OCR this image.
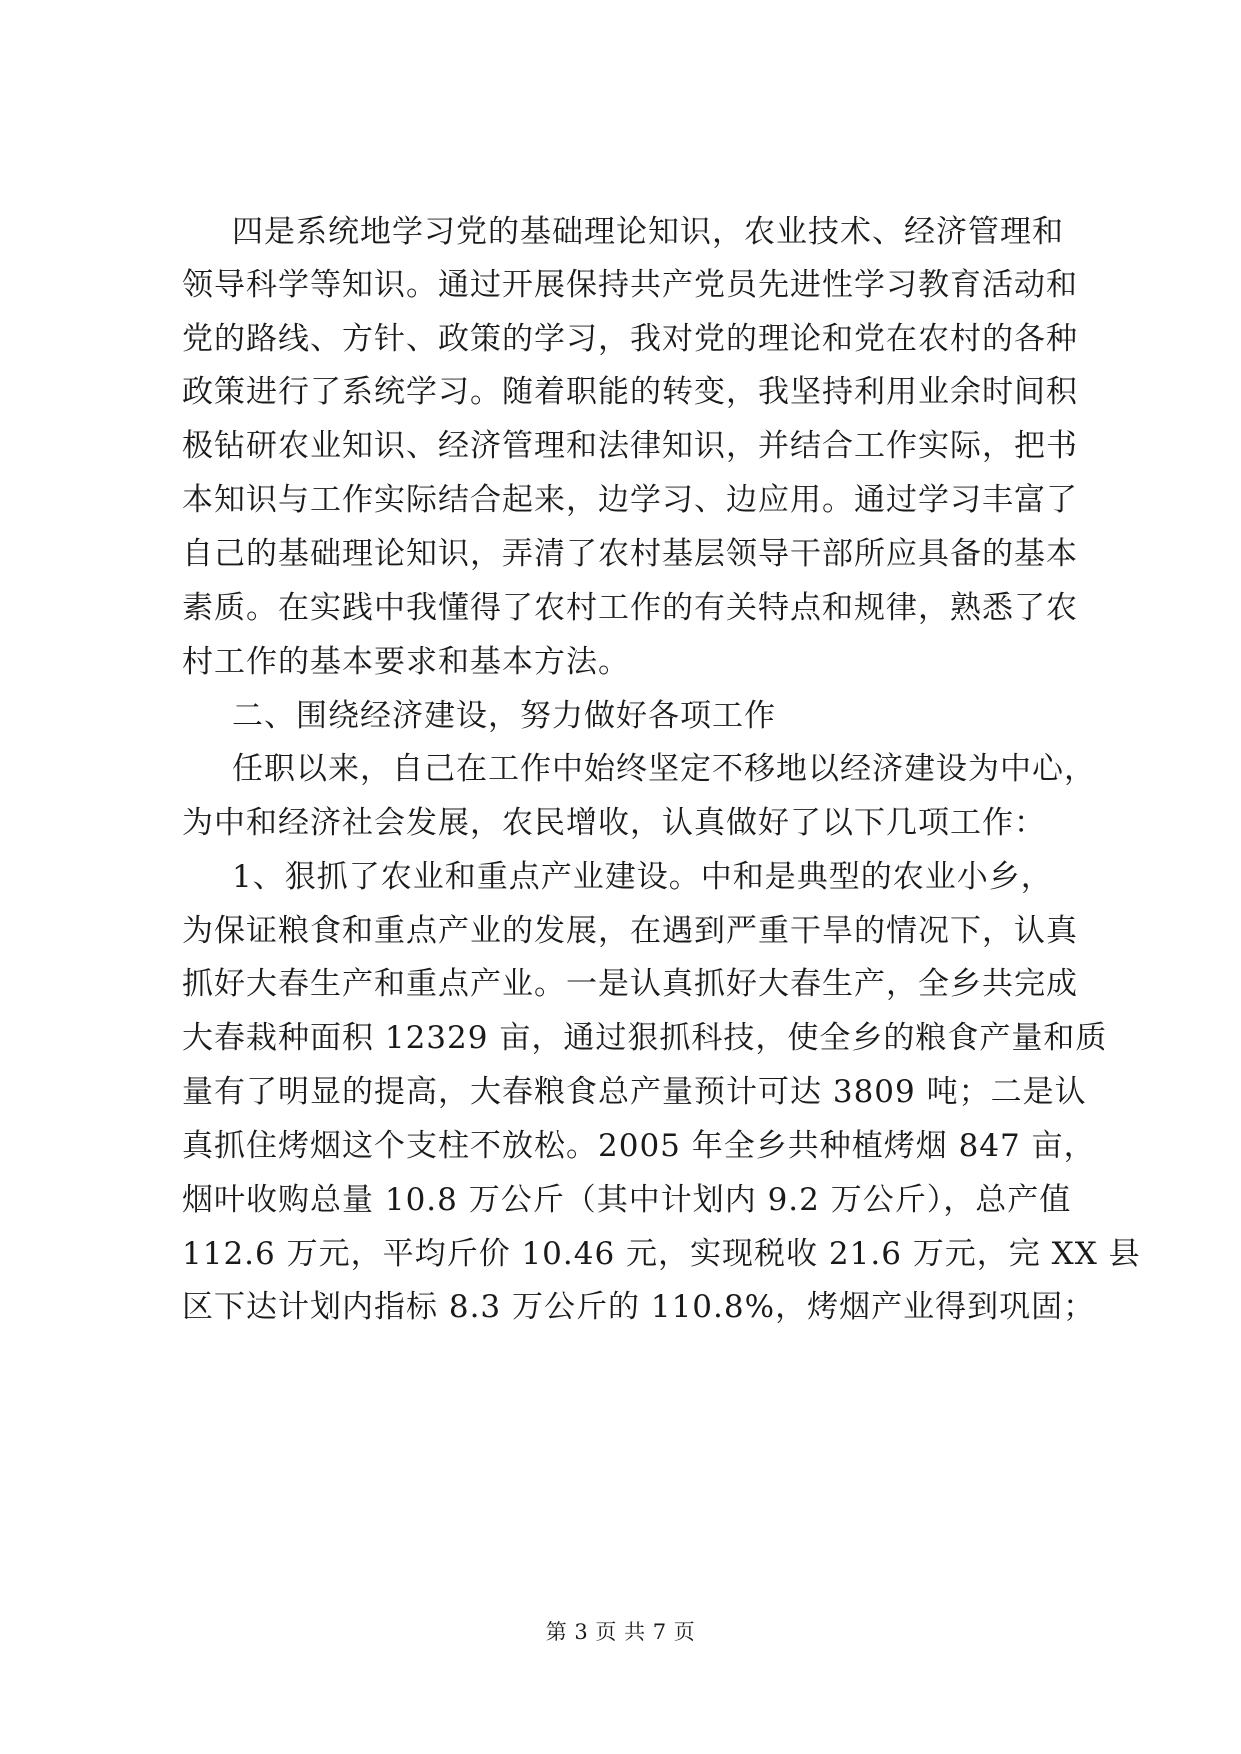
四是系统地学习党的基础理论知识，农业技术、经济管理和
领导科学等知识。通过开展保持共产党员先进性学习教育活动和
党的路线、方针、政策的学习，我对党的理论和党在农村的各种
政策进行了系统学习。随着职能的转变，我坚持利用业余时间积
极钻研农业知识、经济管理和法律知识，并结合工作实际，把书
本知识与工作实际结合起来，边学习、边应用。通过学习丰富了
自己的基础理论知识，弄清了农村基层领导干部所应具备的基本
素质。在实践中我懂得了农村工作的有关特点和规律，熟悉了农
村工作的基本要求和基本方法。
二、围绕经济建设，努力做好各项工作
任职以来，自己在工作中始终坚定不移地以经济建设为中心，
为中和经济社会发展，农民增收，认真做好了以下几项工作：
1、狠抓了农业和重点产业建设。中和是典型的农业小乡，
为保证粮食和重点产业的发展，在遇到严重干旱的情况下，认真
抓好大春生产和重点产业。一是认真抓好大春生产，全乡共完成
大春栽种面积 12329 亩，通过狠抓科技，使全乡的粮食产量和质
量有了明显的提高，大春粮食总产量预计可达 3809 吨；二是认
真抓住烤烟这个支柱不放松。2005 年全乡共种植烤烟 847 亩，
烟叶收购总量 10.8 万公斤（其中计划内 9.2 万公斤），总产值
112.6 万元，平均斤价 10.46 元，实现税收 21.6 万元，完 XX 县
区下达计划内指标 8.3 万公斤的 110.8%，烤烟产业得到巩固；
第 3 页 共 7 页
